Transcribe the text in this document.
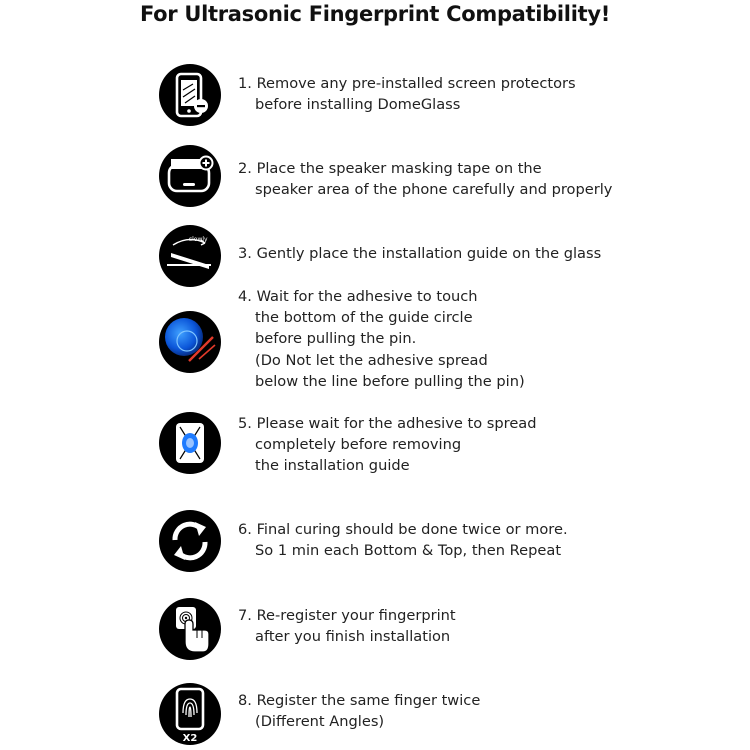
For Ultrasonic Fingerprint Compatibility!
1. Remove any pre-installed screen protectors
before installing DomeGlass
2. Place the speaker masking tape on the
speaker area of the phone carefully and properly
slowly
3. Gently place the installation guide on the glass
4. Wait for the adhesive to touch
the bottom of the guide circle
before pulling the pin.
(Do Not let the adhesive spread
below the line before pulling the pin)
5. Please wait for the adhesive to spread
completely before removing
the installation guide
6. Final curing should be done twice or more.
So 1 min each Bottom & Top, then Repeat
7. Re-register your fingerprint
after you finish installation
X2
8. Register the same finger twice
(Different Angles)
